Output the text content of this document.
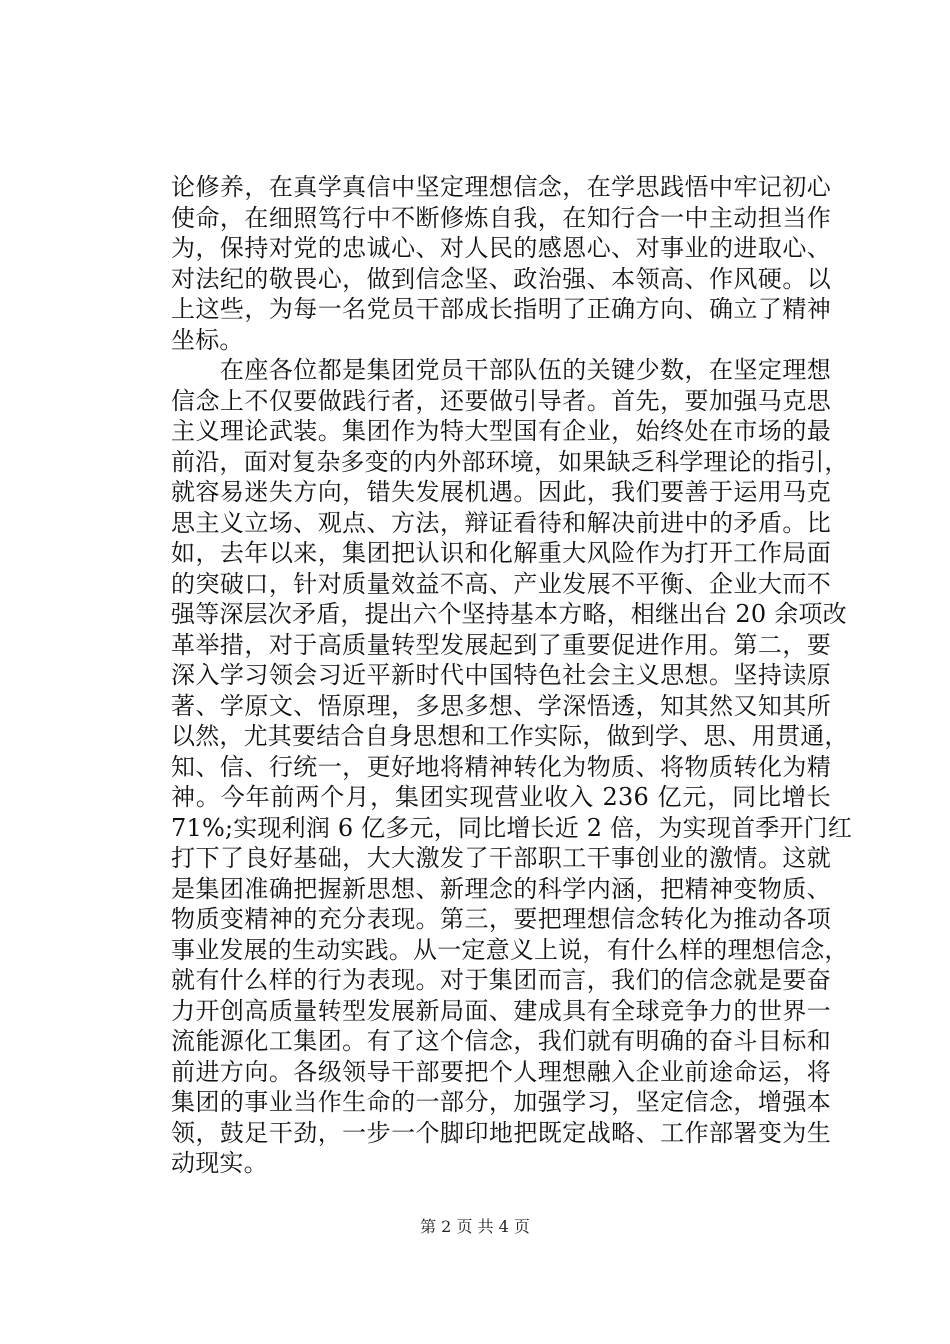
论修养，在真学真信中坚定理想信念，在学思践悟中牢记初心
使命，在细照笃行中不断修炼自我，在知行合一中主动担当作
为，保持对党的忠诚心、对人民的感恩心、对事业的进取心、
对法纪的敬畏心，做到信念坚、政治强、本领高、作风硬。以
上这些，为每一名党员干部成长指明了正确方向、确立了精神
坐标。
　　在座各位都是集团党员干部队伍的关键少数，在坚定理想
信念上不仅要做践行者，还要做引导者。首先，要加强马克思
主义理论武装。集团作为特大型国有企业，始终处在市场的最
前沿，面对复杂多变的内外部环境，如果缺乏科学理论的指引，
就容易迷失方向，错失发展机遇。因此，我们要善于运用马克
思主义立场、观点、方法，辩证看待和解决前进中的矛盾。比
如，去年以来，集团把认识和化解重大风险作为打开工作局面
的突破口，针对质量效益不高、产业发展不平衡、企业大而不
强等深层次矛盾，提出六个坚持基本方略，相继出台 20 余项改
革举措，对于高质量转型发展起到了重要促进作用。第二，要
深入学习领会习近平新时代中国特色社会主义思想。坚持读原
著、学原文、悟原理，多思多想、学深悟透，知其然又知其所
以然，尤其要结合自身思想和工作实际，做到学、思、用贯通，
知、信、行统一，更好地将精神转化为物质、将物质转化为精
神。今年前两个月，集团实现营业收入 236 亿元，同比增长
71%;实现利润 6 亿多元，同比增长近 2 倍，为实现首季开门红
打下了良好基础，大大激发了干部职工干事创业的激情。这就
是集团准确把握新思想、新理念的科学内涵，把精神变物质、
物质变精神的充分表现。第三，要把理想信念转化为推动各项
事业发展的生动实践。从一定意义上说，有什么样的理想信念，
就有什么样的行为表现。对于集团而言，我们的信念就是要奋
力开创高质量转型发展新局面、建成具有全球竞争力的世界一
流能源化工集团。有了这个信念，我们就有明确的奋斗目标和
前进方向。各级领导干部要把个人理想融入企业前途命运，将
集团的事业当作生命的一部分，加强学习，坚定信念，增强本
领，鼓足干劲，一步一个脚印地把既定战略、工作部署变为生
动现实。
第 2 页 共 4 页
